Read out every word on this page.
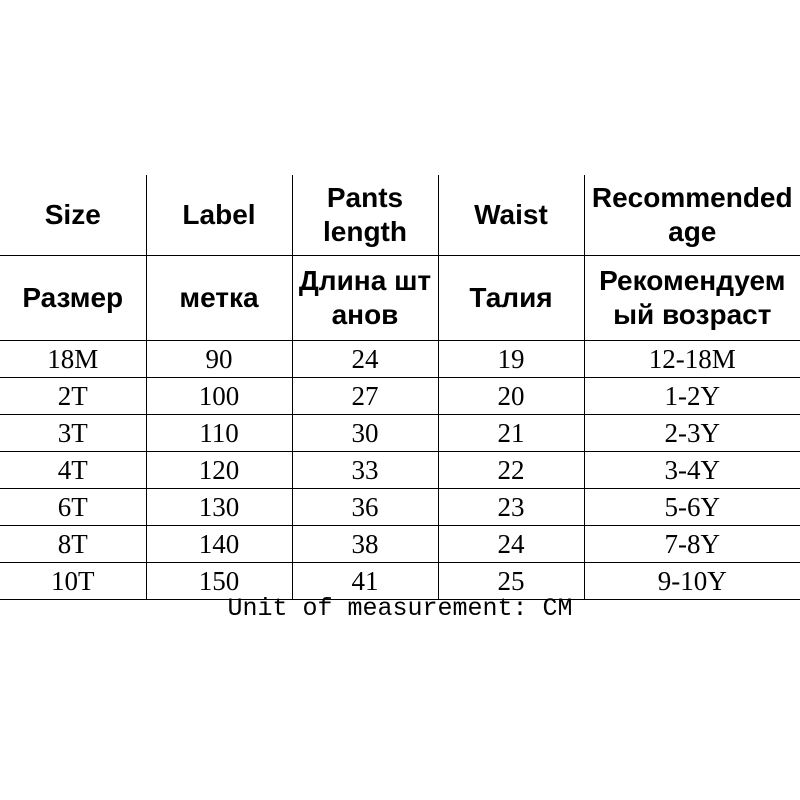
Size	Label	Pants length	Waist	Recommended age
Размер	метка	Длина штанов	Талия	Рекомендуемый возраст
18M	90	24	19	12-18M
2T	100	27	20	1-2Y
3T	110	30	21	2-3Y
4T	120	33	22	3-4Y
6T	130	36	23	5-6Y
8T	140	38	24	7-8Y
10T	150	41	25	9-10Y
Unit of measurement: CM
